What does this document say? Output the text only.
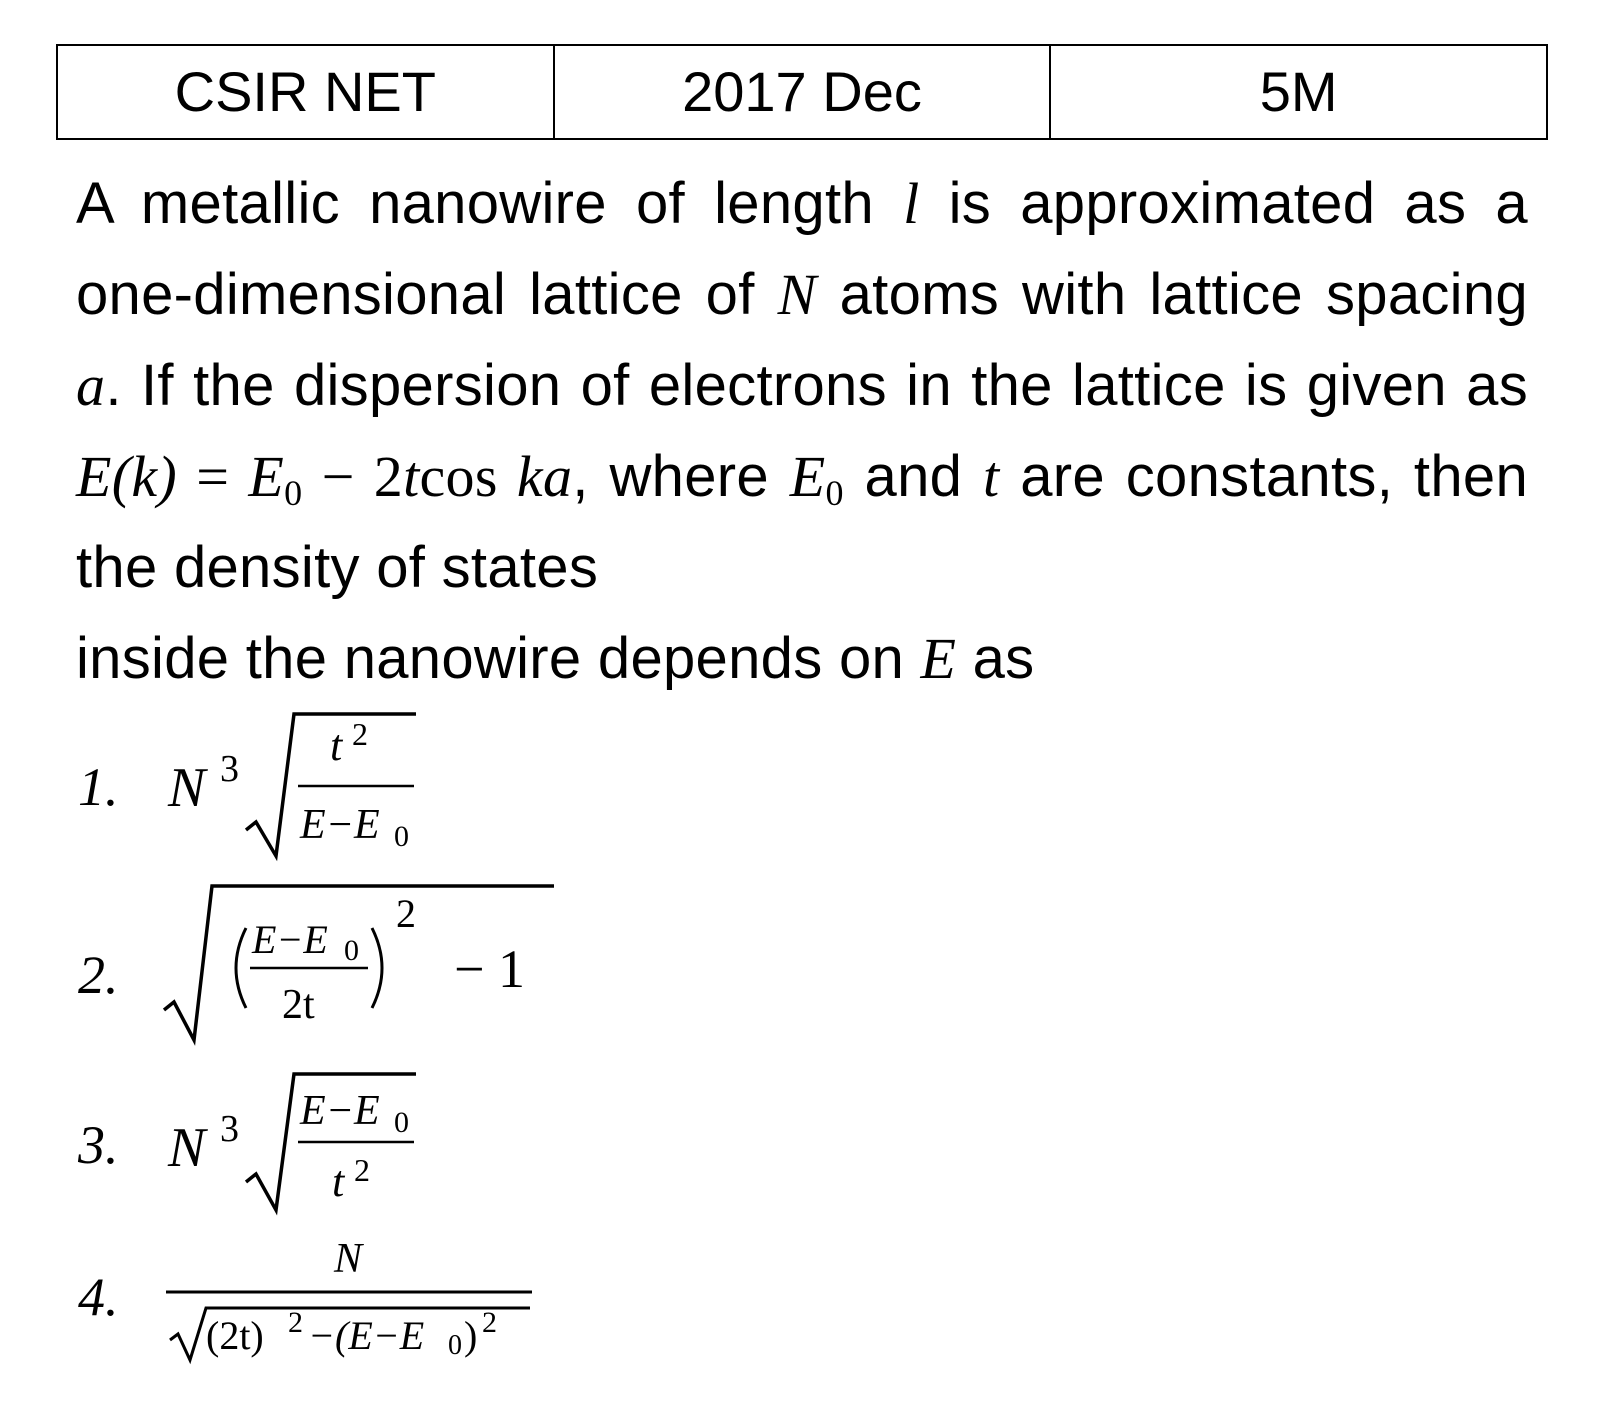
CSIR NET	2017 Dec	5M
A metallic nanowire of length l is approximated as a one-dimensional lattice of N atoms with lattice spacing a. If the dispersion of electrons in the lattice is given as $E(k) = E_0 - 2tcos$ ka, where $E_0$ and t are constants, then the density of states
inside the nanowire depends on E as
1. N 3 t 2
E−E 0
2.
E−E 0
2t
2
− 1
3. N 3 E−E 0
t 2
4.
N
(2t) 2 −(E−E 0 ) 2
